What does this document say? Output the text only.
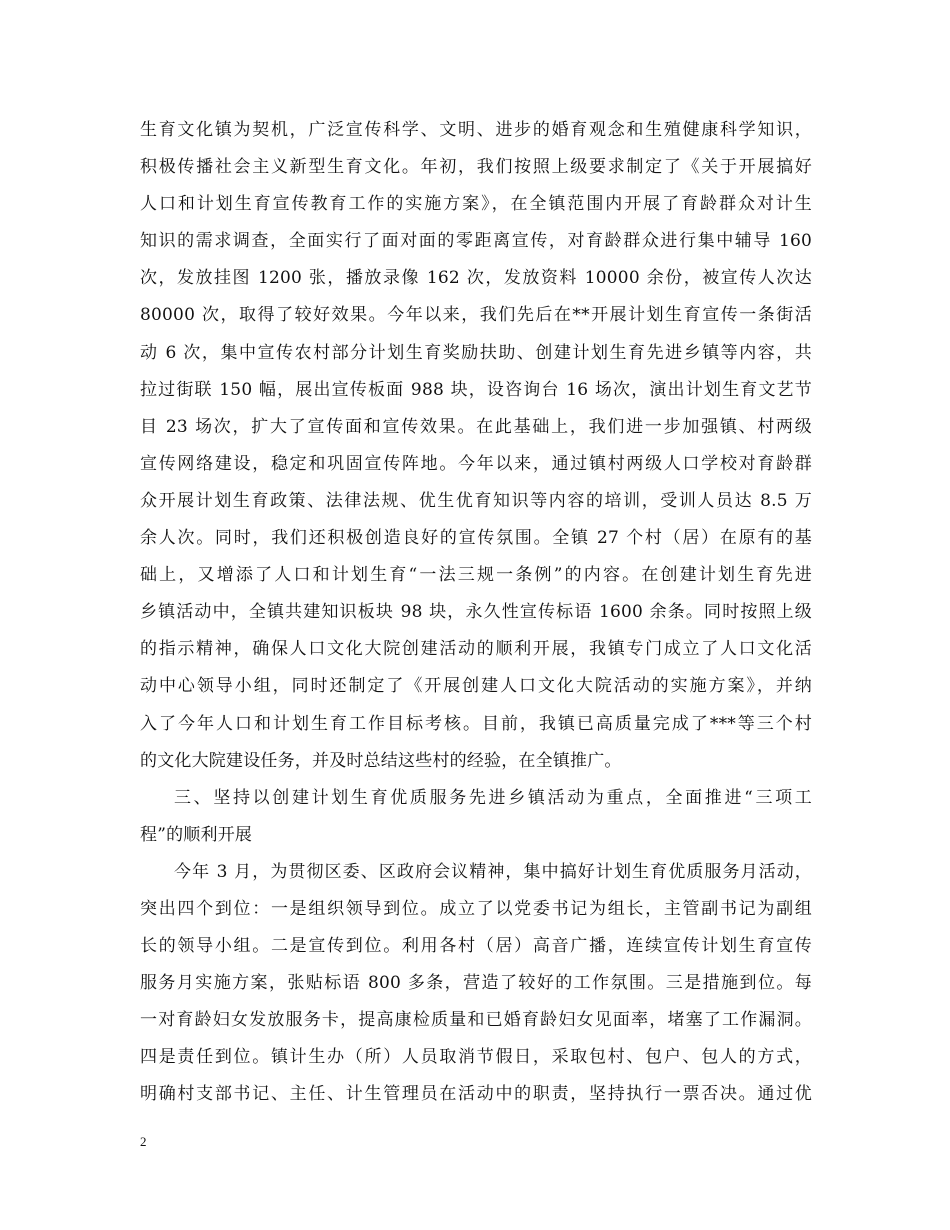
生育文化镇为契机，广泛宣传科学、文明、进步的婚育观念和生殖健康科学知识，
积极传播社会主义新型生育文化。年初，我们按照上级要求制定了《关于开展搞好
人口和计划生育宣传教育工作的实施方案》，在全镇范围内开展了育龄群众对计生
知识的需求调查，全面实行了面对面的零距离宣传，对育龄群众进行集中辅导 160
次，发放挂图 1200 张，播放录像 162 次，发放资料 10000 余份，被宣传人次达
80000 次，取得了较好效果。今年以来，我们先后在**开展计划生育宣传一条街活
动 6 次，集中宣传农村部分计划生育奖励扶助、创建计划生育先进乡镇等内容，共
拉过街联 150 幅，展出宣传板面 988 块，设咨询台 16 场次，演出计划生育文艺节
目 23 场次，扩大了宣传面和宣传效果。在此基础上，我们进一步加强镇、村两级
宣传网络建设，稳定和巩固宣传阵地。今年以来，通过镇村两级人口学校对育龄群
众开展计划生育政策、法律法规、优生优育知识等内容的培训，受训人员达 8.5 万
余人次。同时，我们还积极创造良好的宣传氛围。全镇 27 个村（居）在原有的基
础上，又增添了人口和计划生育“一法三规一条例”的内容。在创建计划生育先进
乡镇活动中，全镇共建知识板块 98 块，永久性宣传标语 1600 余条。同时按照上级
的指示精神，确保人口文化大院创建活动的顺利开展，我镇专门成立了人口文化活
动中心领导小组，同时还制定了《开展创建人口文化大院活动的实施方案》，并纳
入了今年人口和计划生育工作目标考核。目前，我镇已高质量完成了***等三个村
的文化大院建设任务，并及时总结这些村的经验，在全镇推广。

三、坚持以创建计划生育优质服务先进乡镇活动为重点，全面推进“三项工
程”的顺利开展

今年 3 月，为贯彻区委、区政府会议精神，集中搞好计划生育优质服务月活动，
突出四个到位：一是组织领导到位。成立了以党委书记为组长，主管副书记为副组
长的领导小组。二是宣传到位。利用各村（居）高音广播，连续宣传计划生育宣传
服务月实施方案，张贴标语 800 多条，营造了较好的工作氛围。三是措施到位。每
一对育龄妇女发放服务卡，提高康检质量和已婚育龄妇女见面率，堵塞了工作漏洞。
四是责任到位。镇计生办（所）人员取消节假日，采取包村、包户、包人的方式，
明确村支部书记、主任、计生管理员在活动中的职责，坚持执行一票否决。通过优

2
